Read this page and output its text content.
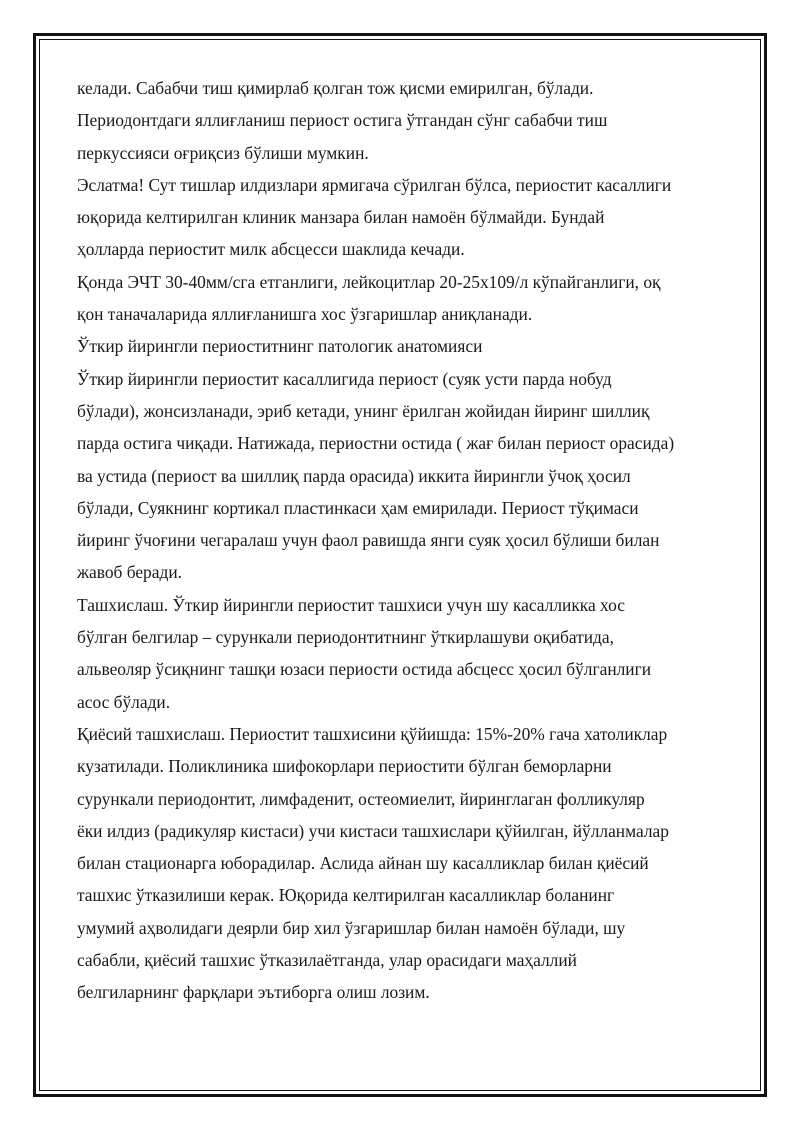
келади. Сабабчи тиш қимирлаб қолган тож қисми емирилган, бўлади.
Периодонтдаги яллиғланиш периост остига ўтгандан сўнг сабабчи тиш
перкуссияси оғриқсиз бўлиши мумкин.
Эслатма! Сут тишлар илдизлари ярмигача сўрилган бўлса, периостит касаллиги
юқорида келтирилган клиник манзара билан намоён бўлмайди. Бундай
ҳолларда периостит милк абсцесси шаклида кечади.
Қонда ЭЧТ 30-40мм/сга етганлиги, лейкоцитлар 20-25х109/л кўпайганлиги, оқ
қон таначаларида яллиғланишга хос ўзгаришлар аниқланади.
Ўткир йирингли периоститнинг патологик анатомияси
Ўткир йирингли периостит касаллигида периост (суяк усти парда нобуд
бўлади), жонсизланади, эриб кетади, унинг ёрилган жойидан йиринг шиллиқ
парда остига чиқади. Натижада, периостни остида ( жағ билан периост орасида)
ва устида (периост ва шиллиқ парда орасида) иккита йирингли ўчоқ ҳосил
бўлади, Суякнинг кортикал пластинкаси ҳам емирилади. Периост тўқимаси
йиринг ўчоғини чегаралаш учун фаол равишда янги суяк ҳосил бўлиши билан
жавоб беради.
Ташхислаш. Ўткир йирингли периостит ташхиси учун шу касалликка хос
бўлган белгилар – сурункали периодонтитнинг ўткирлашуви оқибатида,
альвеоляр ўсиқнинг ташқи юзаси периости остида абсцесс ҳосил бўлганлиги
асос бўлади.
Қиёсий ташхислаш. Периостит ташхисини қўйишда: 15%-20% гача хатоликлар
кузатилади. Поликлиника шифокорлари периостити бўлган беморларни
сурункали периодонтит, лимфаденит, остеомиелит, йиринглаган фолликуляр
ёки илдиз (радикуляр кистаси) учи кистаси ташхислари қўйилган, йўлланмалар
билан стационарга юборадилар. Аслида айнан шу касалликлар билан қиёсий
ташхис ўтказилиши керак. Юқорида келтирилган касалликлар боланинг
умумий аҳволидаги деярли бир хил ўзгаришлар билан намоён бўлади, шу
сабабли, қиёсий ташхис ўтказилаётганда, улар орасидаги маҳаллий
белгиларнинг фарқлари эътиборга олиш лозим.
